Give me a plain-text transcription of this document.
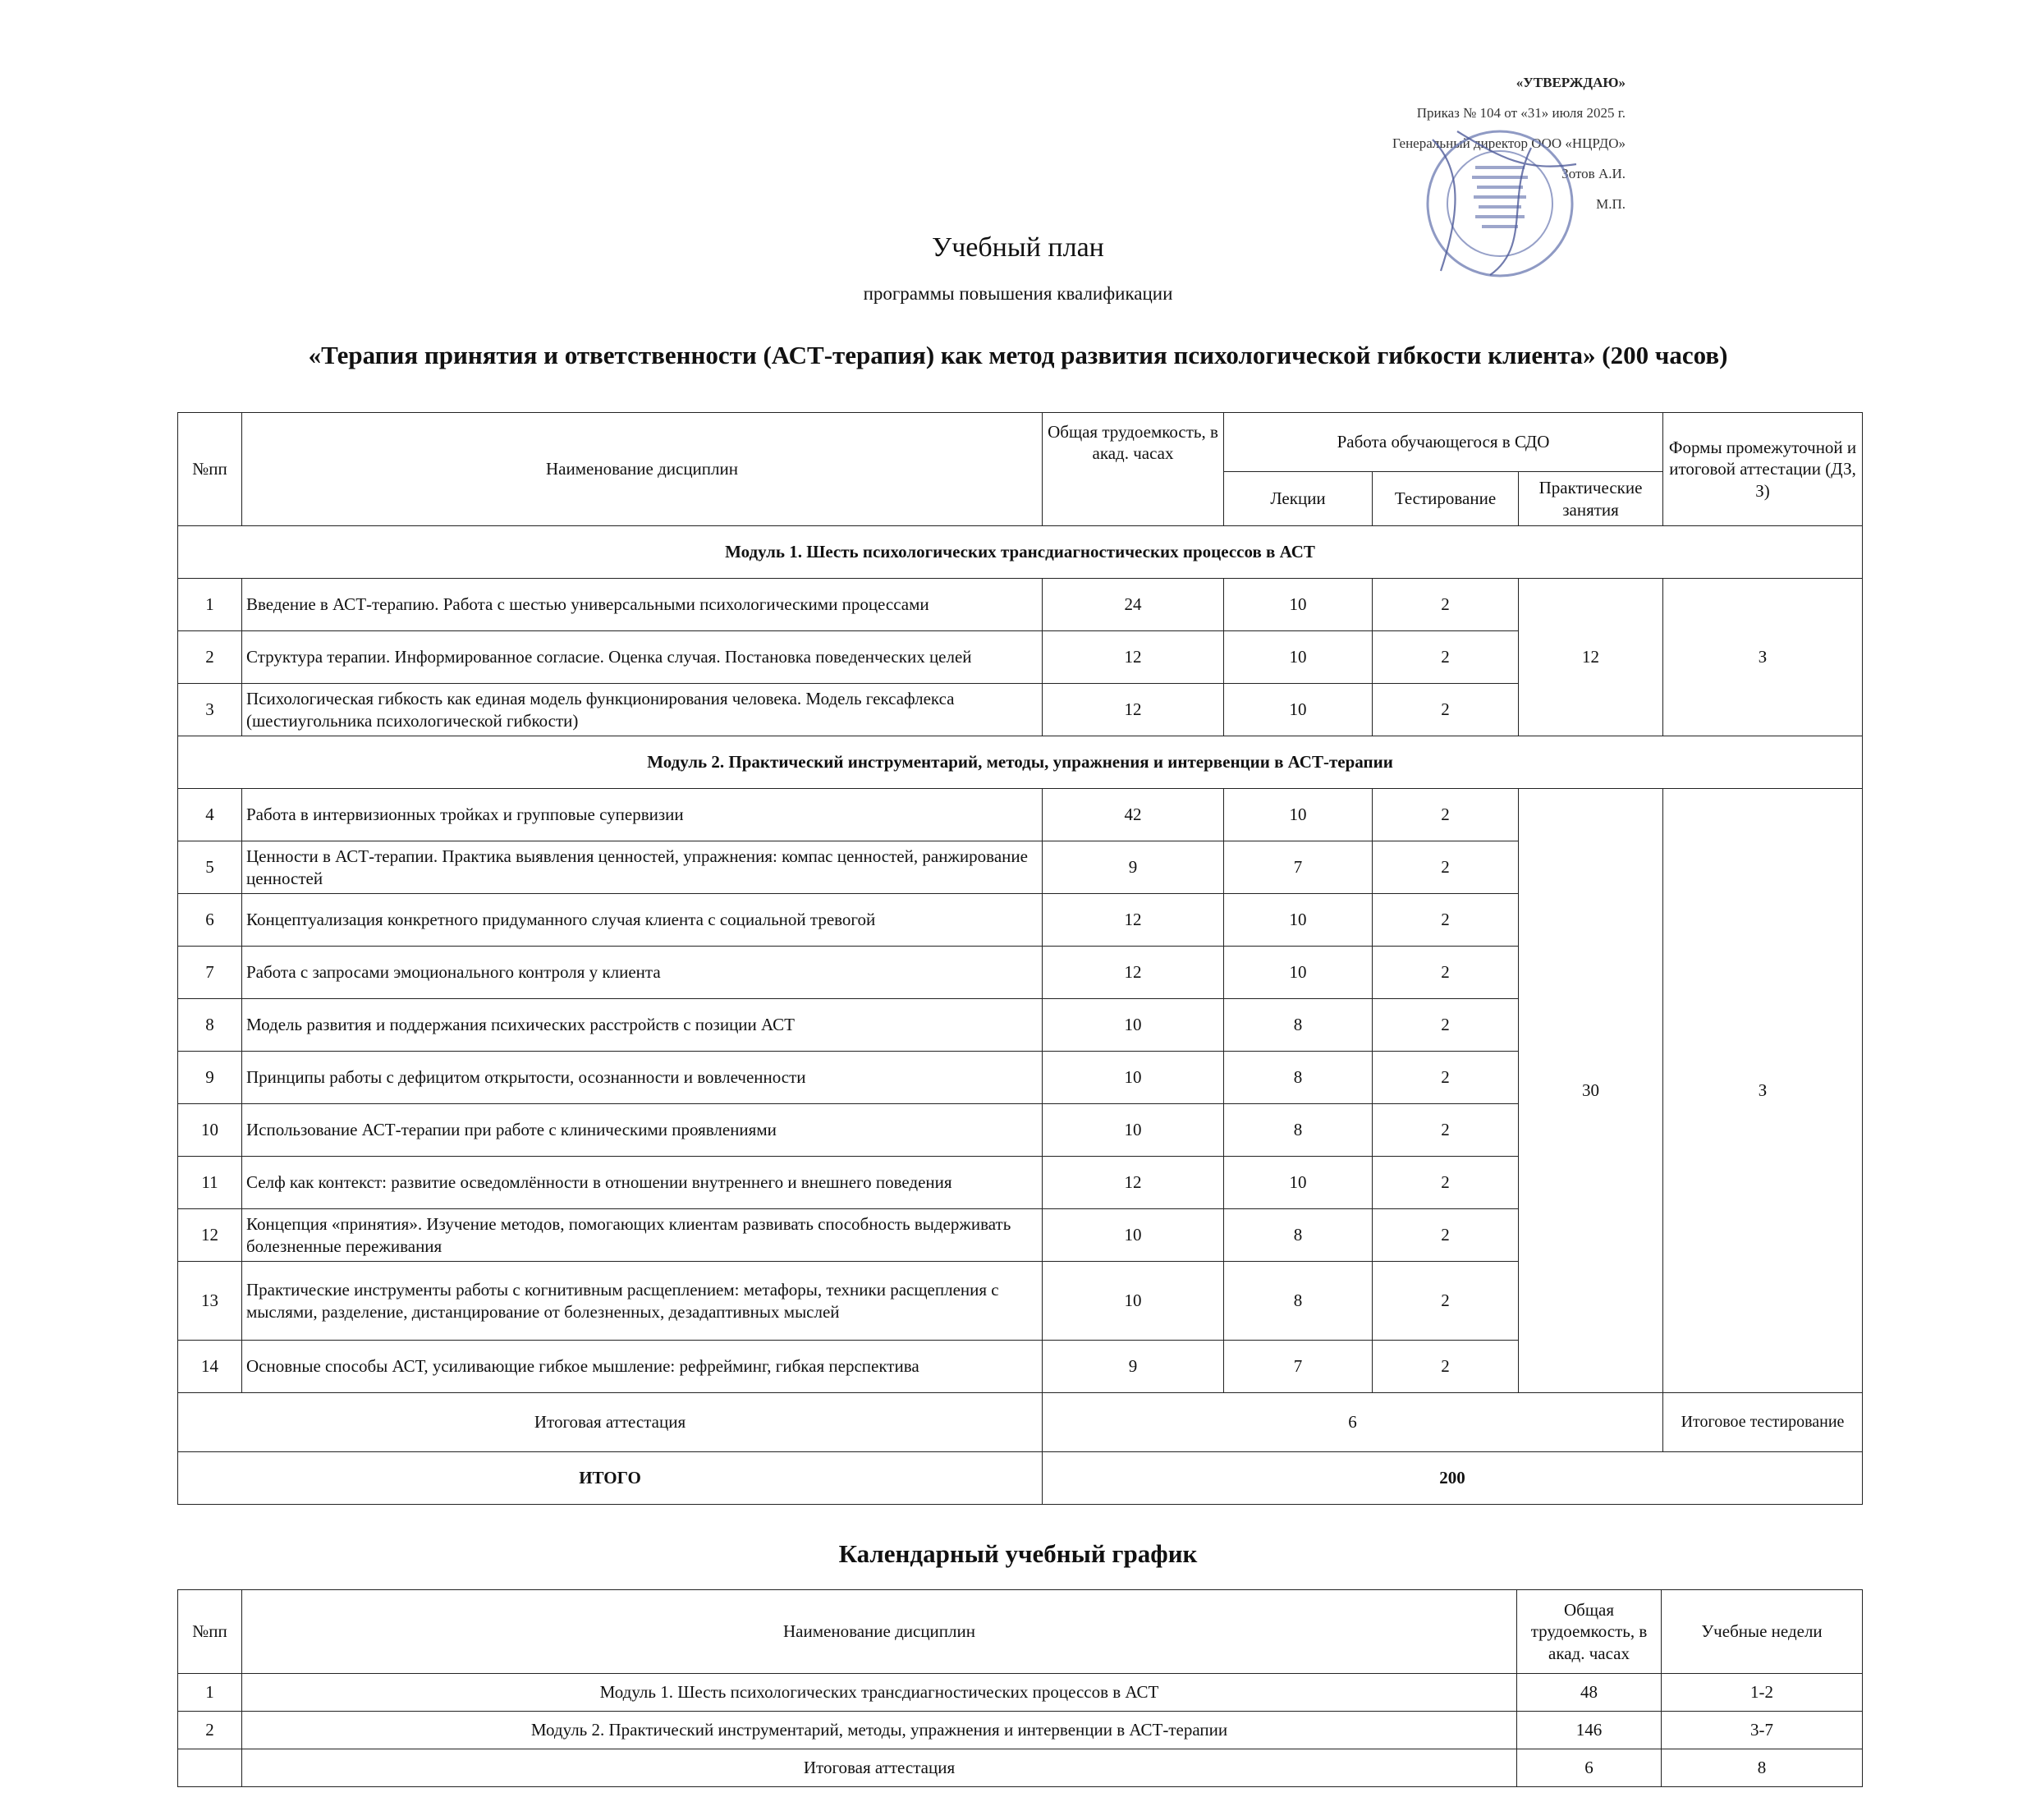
«УТВЕРЖДАЮ»
Приказ № 104 от «31» июля 2025 г.
Генеральный директор ООО «НЦРДО»
Зотов А.И.
М.П.
Учебный план
программы повышения квалификации
«Терапия принятия и ответственности (АСТ-терапия) как метод развития психологической гибкости клиента» (200 часов)
№пп	Наименование дисциплин	Общая трудоемкость, в акад. часах	Работа обучающегося в СДО			Формы промежуточной и итоговой аттестации (ДЗ, З)
			Лекции	Тестирование	Практические занятия	
Модуль 1. Шесть психологических трансдиагностических процессов в АСТ						
1	Введение в АСТ-терапию. Работа с шестью универсальными психологическими процессами	24	10	2	12	З
2	Структура терапии. Информированное согласие. Оценка случая. Постановка поведенческих целей	12	10	2		
3	Психологическая гибкость как единая модель функционирования человека. Модель гексафлекса (шестиугольника психологической гибкости)	12	10	2		
Модуль 2. Практический инструментарий, методы, упражнения и интервенции в АСТ-терапии						
4	Работа в интервизионных тройках и групповые супервизии	42	10	2	30	З
5	Ценности в АСТ-терапии. Практика выявления ценностей, упражнения: компас ценностей, ранжирование ценностей	9	7	2		
6	Концептуализация конкретного придуманного случая клиента с социальной тревогой	12	10	2		
7	Работа с запросами эмоционального контроля у клиента	12	10	2		
8	Модель развития и поддержания психических расстройств с позиции АСТ	10	8	2		
9	Принципы работы с дефицитом открытости, осознанности и вовлеченности	10	8	2		
10	Использование АСТ-терапии при работе с клиническими проявлениями	10	8	2		
11	Селф как контекст: развитие осведомлённости в отношении внутреннего и внешнего поведения	12	10	2		
12	Концепция «принятия». Изучение методов, помогающих клиентам развивать способность выдерживать болезненные переживания	10	8	2		
13	Практические инструменты работы с когнитивным расщеплением: метафоры, техники расщепления с мыслями, разделение, дистанцирование от болезненных, дезадаптивных мыслей	10	8	2		
14	Основные способы АСТ, усиливающие гибкое мышление: рефрейминг, гибкая перспектива	9	7	2		
Итоговая аттестация		6				Итоговое тестирование
ИТОГО		200				
Календарный учебный график
№пп	Наименование дисциплин	Общая трудоемкость, в акад. часах	Учебные недели
1	Модуль 1. Шесть психологических трансдиагностических процессов в АСТ	48	1-2
2	Модуль 2. Практический инструментарий, методы, упражнения и интервенции в АСТ-терапии	146	3-7
	Итоговая аттестация	6	8
